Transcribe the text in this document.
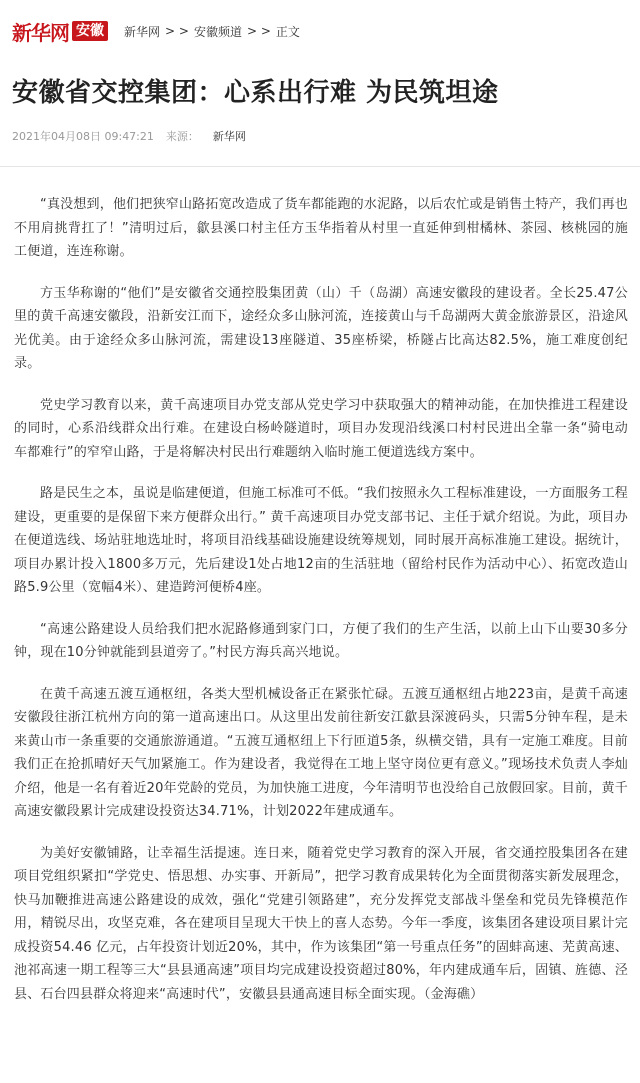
新华网 安徽	新华网 > > 安徽频道 > > 正文
安徽省交控集团：心系出行难 为民筑坦途
2021年04月08日 09:47:21 来源： 新华网

“真没想到，他们把狭窄山路拓宽改造成了货车都能跑的水泥路，以后农忙或是销售土特产，我们再也不用肩挑背扛了！”清明过后，歙县溪口村主任方玉华指着从村里一直延伸到柑橘林、茶园、核桃园的施工便道，连连称谢。

方玉华称谢的“他们”是安徽省交通控股集团黄（山）千（岛湖）高速安徽段的建设者。全长25.47公里的黄千高速安徽段，沿新安江而下，途经众多山脉河流，连接黄山与千岛湖两大黄金旅游景区，沿途风光优美。由于途经众多山脉河流，需建设13座隧道、35座桥梁，桥隧占比高达82.5%，施工难度创纪录。

党史学习教育以来，黄千高速项目办党支部从党史学习中获取强大的精神动能，在加快推进工程建设的同时，心系沿线群众出行难。在建设白杨岭隧道时，项目办发现沿线溪口村村民进出全靠一条“骑电动车都难行”的窄窄山路，于是将解决村民出行难题纳入临时施工便道选线方案中。

路是民生之本，虽说是临建便道，但施工标准可不低。“我们按照永久工程标准建设，一方面服务工程建设，更重要的是保留下来方便群众出行。” 黄千高速项目办党支部书记、主任于斌介绍说。为此，项目办在便道选线、场站驻地选址时，将项目沿线基础设施建设统筹规划，同时展开高标准施工建设。据统计，项目办累计投入1800多万元，先后建设1处占地12亩的生活驻地（留给村民作为活动中心）、拓宽改造山路5.9公里（宽幅4米）、建造跨河便桥4座。

“高速公路建设人员给我们把水泥路修通到家门口，方便了我们的生产生活，以前上山下山要30多分钟，现在10分钟就能到县道旁了。”村民方海兵高兴地说。

在黄千高速五渡互通枢纽，各类大型机械设备正在紧张忙碌。五渡互通枢纽占地223亩，是黄千高速安徽段往浙江杭州方向的第一道高速出口。从这里出发前往新安江歙县深渡码头，只需5分钟车程，是未来黄山市一条重要的交通旅游通道。“五渡互通枢纽上下行匝道5条，纵横交错，具有一定施工难度。目前我们正在抢抓晴好天气加紧施工。作为建设者，我觉得在工地上坚守岗位更有意义。”现场技术负责人李灿介绍，他是一名有着近20年党龄的党员，为加快施工进度，今年清明节也没给自己放假回家。目前，黄千高速安徽段累计完成建设投资达34.71%，计划2022年建成通车。

为美好安徽铺路，让幸福生活提速。连日来，随着党史学习教育的深入开展，省交通控股集团各在建项目党组织紧扣“学党史、悟思想、办实事、开新局”，把学习教育成果转化为全面贯彻落实新发展理念，快马加鞭推进高速公路建设的成效，强化“党建引领路建”，充分发挥党支部战斗堡垒和党员先锋模范作用，精锐尽出，攻坚克难，各在建项目呈现大干快上的喜人态势。今年一季度，该集团各建设项目累计完成投资54.46 亿元，占年投资计划近20%，其中，作为该集团“第一号重点任务”的固蚌高速、芜黄高速、池祁高速一期工程等三大“县县通高速”项目均完成建设投资超过80%，年内建成通车后，固镇、旌德、泾县、石台四县群众将迎来“高速时代”，安徽县县通高速目标全面实现。（金海礁）
